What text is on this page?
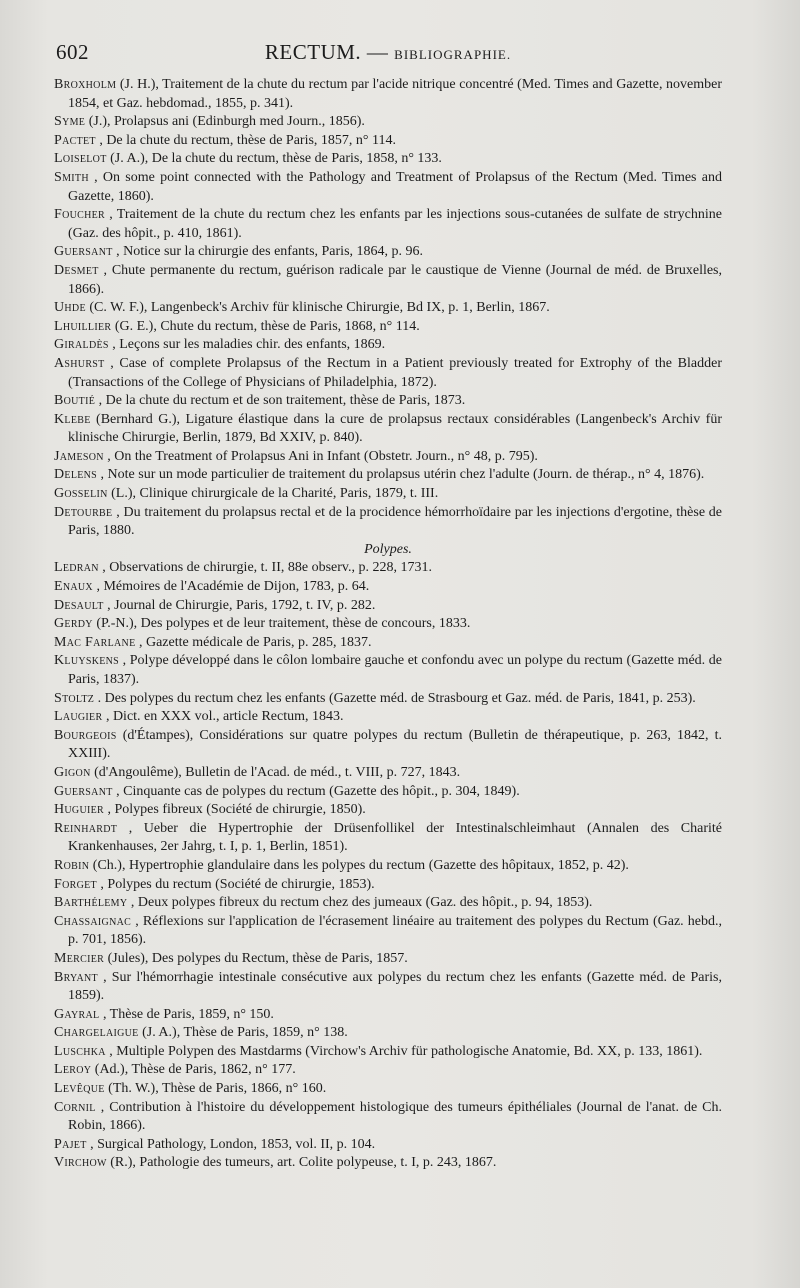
602	RECTUM. — BIBLIOGRAPHIE.

Broxholm (J. H.), Traitement de la chute du rectum par l'acide nitrique concentré (Med. Times and Gazette, november 1854, et Gaz. hebdomad., 1855, p. 341).

Syme (J.), Prolapsus ani (Edinburgh med Journ., 1856).

Pactet , De la chute du rectum, thèse de Paris, 1857, n° 114.

Loiselot (J. A.), De la chute du rectum, thèse de Paris, 1858, n° 133.

Smith , On some point connected with the Pathology and Treatment of Prolapsus of the Rectum (Med. Times and Gazette, 1860).

Foucher , Traitement de la chute du rectum chez les enfants par les injections sous-cutanées de sulfate de strychnine (Gaz. des hôpit., p. 410, 1861).

Guersant , Notice sur la chirurgie des enfants, Paris, 1864, p. 96.

Desmet , Chute permanente du rectum, guérison radicale par le caustique de Vienne (Journal de méd. de Bruxelles, 1866).

Uhde (C. W. F.), Langenbeck's Archiv für klinische Chirurgie, Bd IX, p. 1, Berlin, 1867.

Lhuillier (G. E.), Chute du rectum, thèse de Paris, 1868, n° 114.

Giraldès , Leçons sur les maladies chir. des enfants, 1869.

Ashurst , Case of complete Prolapsus of the Rectum in a Patient previously treated for Extrophy of the Bladder (Transactions of the College of Physicians of Philadelphia, 1872).

Boutié , De la chute du rectum et de son traitement, thèse de Paris, 1873.

Klebe (Bernhard G.), Ligature élastique dans la cure de prolapsus rectaux considérables (Langenbeck's Archiv für klinische Chirurgie, Berlin, 1879, Bd XXIV, p. 840).

Jameson , On the Treatment of Prolapsus Ani in Infant (Obstetr. Journ., n° 48, p. 795).

Delens , Note sur un mode particulier de traitement du prolapsus utérin chez l'adulte (Journ. de thérap., n° 4, 1876).

Gosselin (L.), Clinique chirurgicale de la Charité, Paris, 1879, t. III.

Detourbe , Du traitement du prolapsus rectal et de la procidence hémorrhoïdaire par les injections d'ergotine, thèse de Paris, 1880.

Polypes.

Ledran , Observations de chirurgie, t. II, 88e observ., p. 228, 1731.

Enaux , Mémoires de l'Académie de Dijon, 1783, p. 64.

Desault , Journal de Chirurgie, Paris, 1792, t. IV, p. 282.

Gerdy (P.-N.), Des polypes et de leur traitement, thèse de concours, 1833.

Mac Farlane , Gazette médicale de Paris, p. 285, 1837.

Kluyskens , Polype développé dans le côlon lombaire gauche et confondu avec un polype du rectum (Gazette méd. de Paris, 1837).

Stoltz . Des polypes du rectum chez les enfants (Gazette méd. de Strasbourg et Gaz. méd. de Paris, 1841, p. 253).

Laugier , Dict. en XXX vol., article Rectum, 1843.

Bourgeois (d'Étampes), Considérations sur quatre polypes du rectum (Bulletin de thérapeutique, p. 263, 1842, t. XXIII).

Gigon (d'Angoulême), Bulletin de l'Acad. de méd., t. VIII, p. 727, 1843.

Guersant , Cinquante cas de polypes du rectum (Gazette des hôpit., p. 304, 1849).

Huguier , Polypes fibreux (Société de chirurgie, 1850).

Reinhardt , Ueber die Hypertrophie der Drüsenfollikel der Intestinalschleimhaut (Annalen des Charité Krankenhauses, 2er Jahrg, t. I, p. 1, Berlin, 1851).

Robin (Ch.), Hypertrophie glandulaire dans les polypes du rectum (Gazette des hôpitaux, 1852, p. 42).

Forget , Polypes du rectum (Société de chirurgie, 1853).

Barthélemy , Deux polypes fibreux du rectum chez des jumeaux (Gaz. des hôpit., p. 94, 1853).

Chassaignac , Réflexions sur l'application de l'écrasement linéaire au traitement des polypes du Rectum (Gaz. hebd., p. 701, 1856).

Mercier (Jules), Des polypes du Rectum, thèse de Paris, 1857.

Bryant , Sur l'hémorrhagie intestinale consécutive aux polypes du rectum chez les enfants (Gazette méd. de Paris, 1859).

Gayral , Thèse de Paris, 1859, n° 150.

Chargelaigue (J. A.), Thèse de Paris, 1859, n° 138.

Luschka , Multiple Polypen des Mastdarms (Virchow's Archiv für pathologische Anatomie, Bd. XX, p. 133, 1861).

Leroy (Ad.), Thèse de Paris, 1862, n° 177.

Levêque (Th. W.), Thèse de Paris, 1866, n° 160.

Cornil , Contribution à l'histoire du développement histologique des tumeurs épithéliales (Journal de l'anat. de Ch. Robin, 1866).

Pajet , Surgical Pathology, London, 1853, vol. II, p. 104.

Virchow (R.), Pathologie des tumeurs, art. Colite polypeuse, t. I, p. 243, 1867.
